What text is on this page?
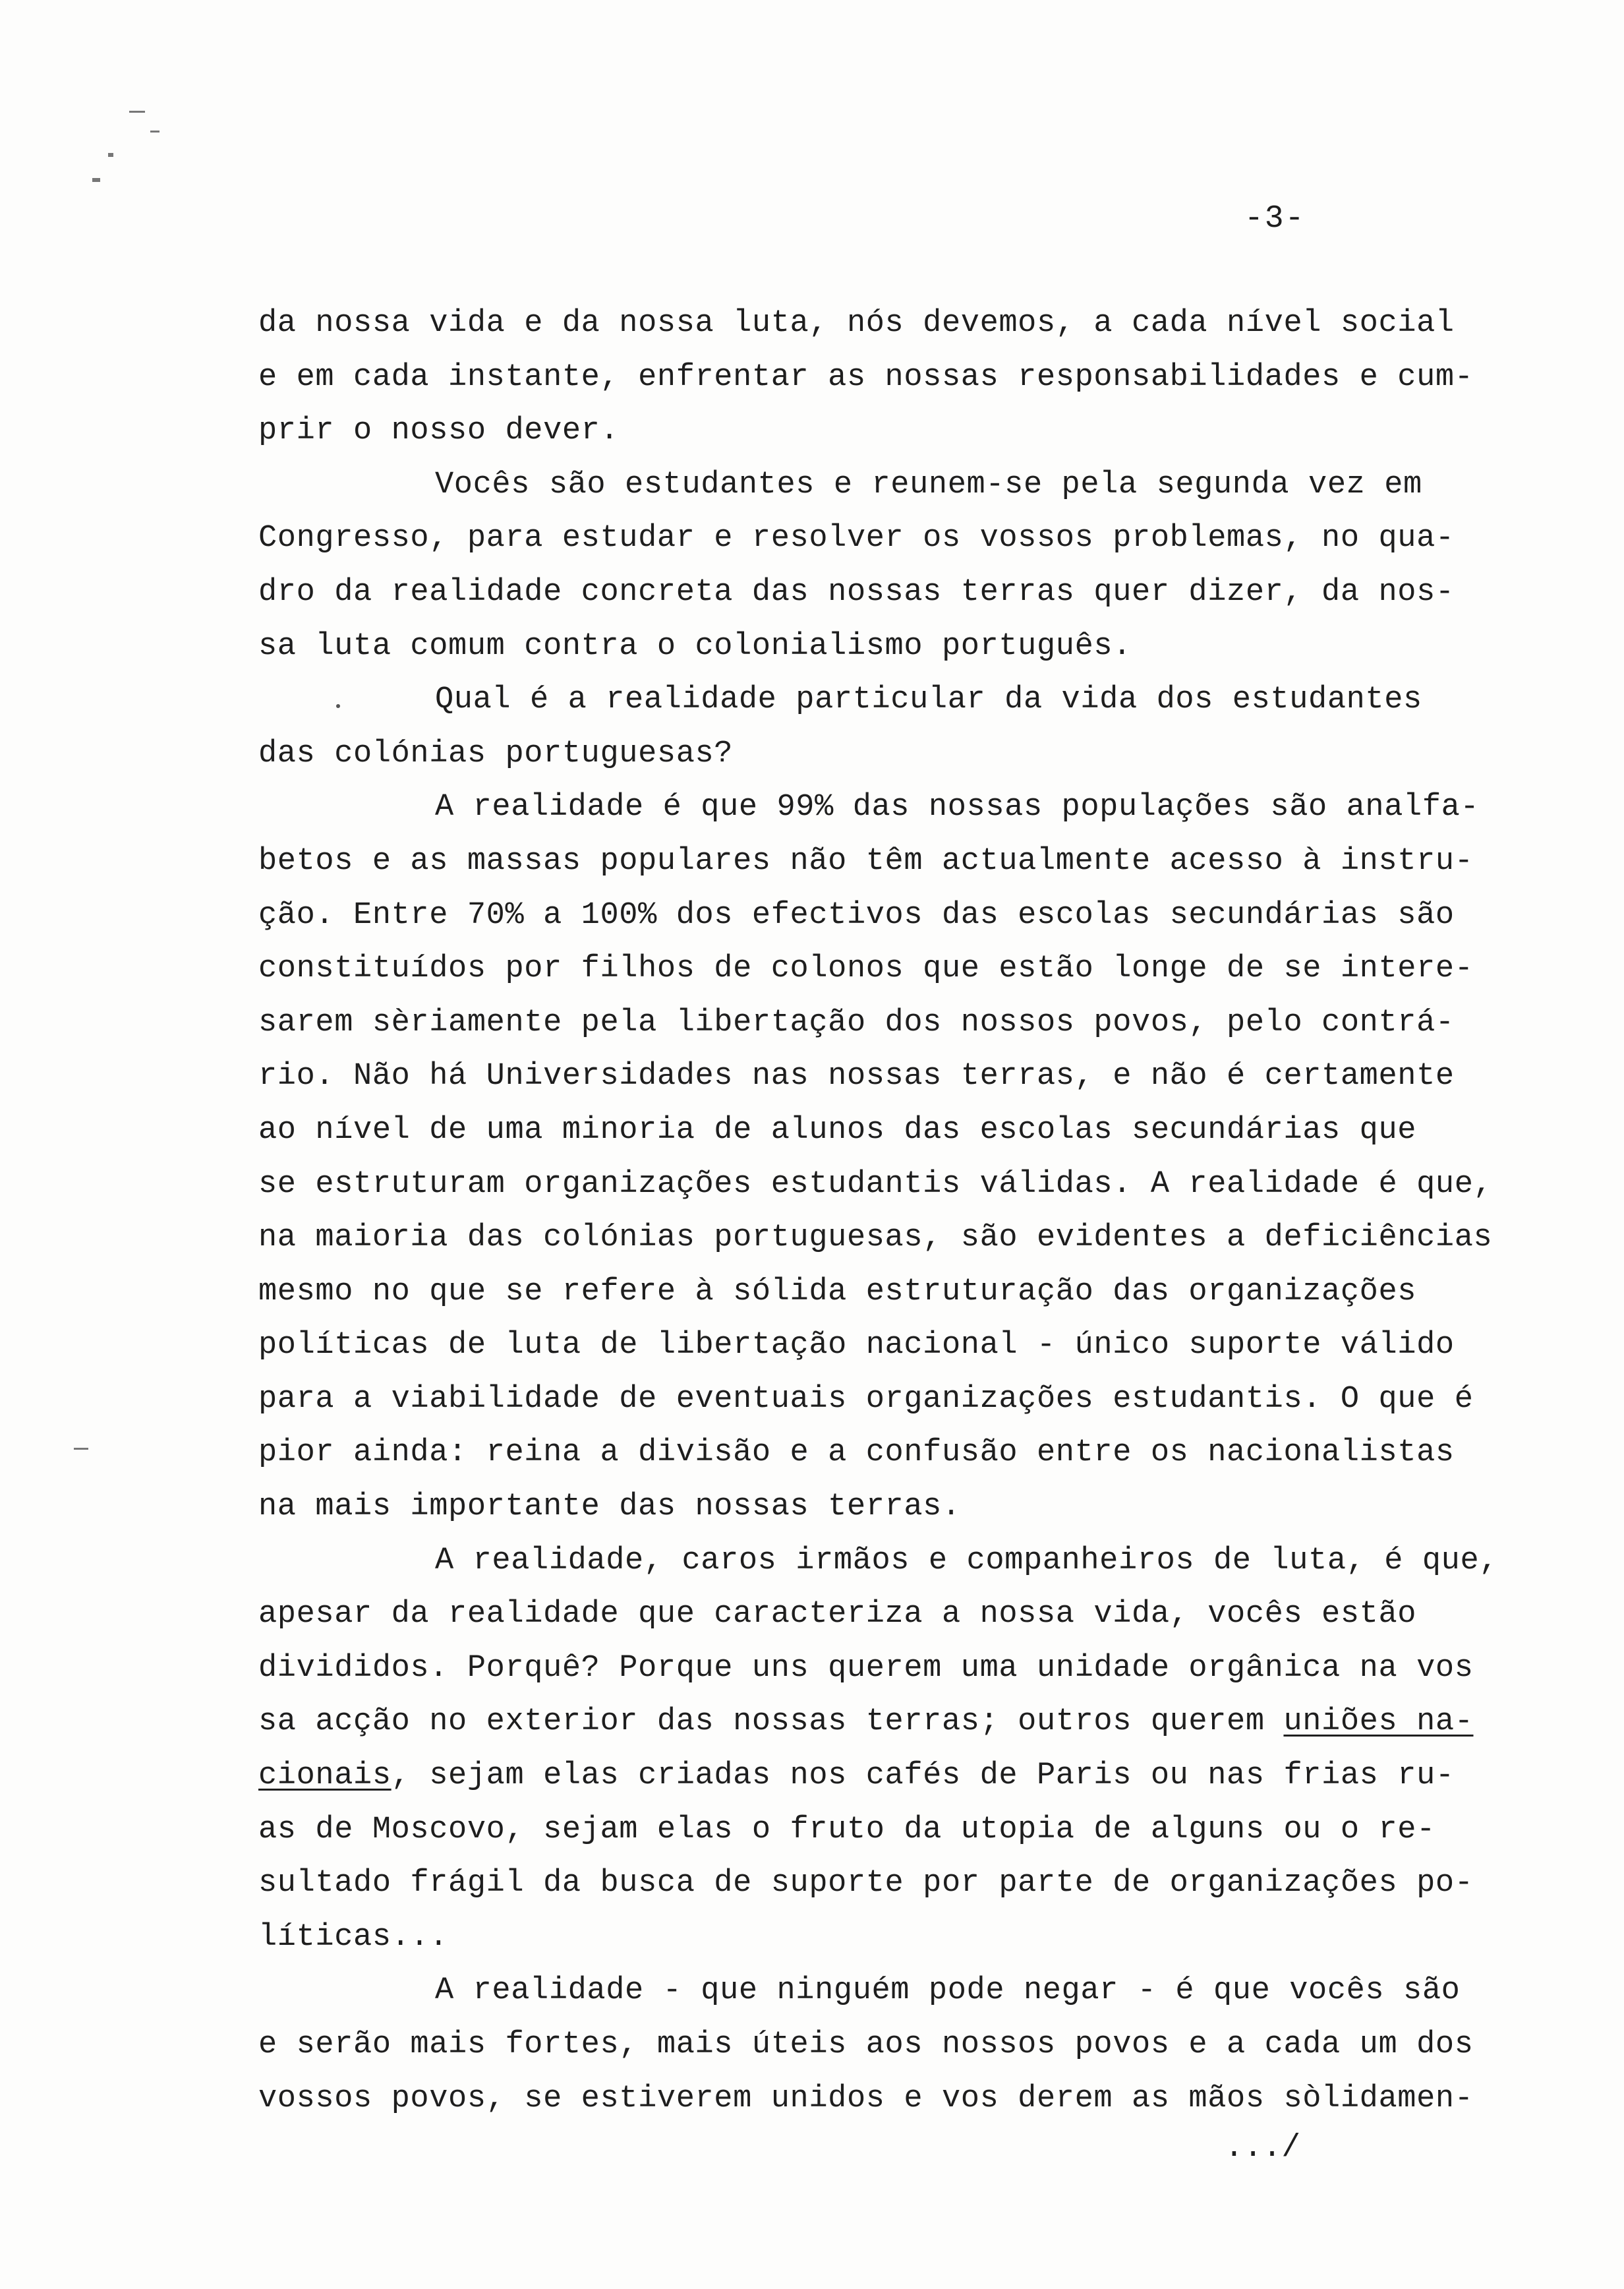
-3-
da nossa vida e da nossa luta, nós devemos, a cada nível social
e em cada instante, enfrentar as nossas responsabilidades e cum-
prir o nosso dever.
Vocês são estudantes e reunem-se pela segunda vez em
Congresso, para estudar e resolver os vossos problemas, no qua-
dro da realidade concreta das nossas terras quer dizer, da nos-
sa luta comum contra o colonialismo português.
Qual é a realidade particular da vida dos estudantes
das colónias portuguesas?
A realidade é que 99% das nossas populações são analfa-
betos e as massas populares não têm actualmente acesso à instru-
ção. Entre 70% a 100% dos efectivos das escolas secundárias são
constituídos por filhos de colonos que estão longe de se intere-
sarem sèriamente pela libertação dos nossos povos, pelo contrá-
rio. Não há Universidades nas nossas terras, e não é certamente
ao nível de uma minoria de alunos das escolas secundárias que
se estruturam organizações estudantis válidas. A realidade é que,
na maioria das colónias portuguesas, são evidentes a deficiências
mesmo no que se refere à sólida estruturação das organizações
políticas de luta de libertação nacional - único suporte válido
para a viabilidade de eventuais organizações estudantis. O que é
pior ainda: reina a divisão e a confusão entre os nacionalistas
na mais importante das nossas terras.
A realidade, caros irmãos e companheiros de luta, é que,
apesar da realidade que caracteriza a nossa vida, vocês estão
divididos. Porquê? Porque uns querem uma unidade orgânica na vos
sa acção no exterior das nossas terras; outros querem uniões na-
cionais, sejam elas criadas nos cafés de Paris ou nas frias ru-
as de Moscovo, sejam elas o fruto da utopia de alguns ou o re-
sultado frágil da busca de suporte por parte de organizações po-
líticas...
A realidade - que ninguém pode negar - é que vocês são
e serão mais fortes, mais úteis aos nossos povos e a cada um dos
vossos povos, se estiverem unidos e vos derem as mãos sòlidamen-
.../
